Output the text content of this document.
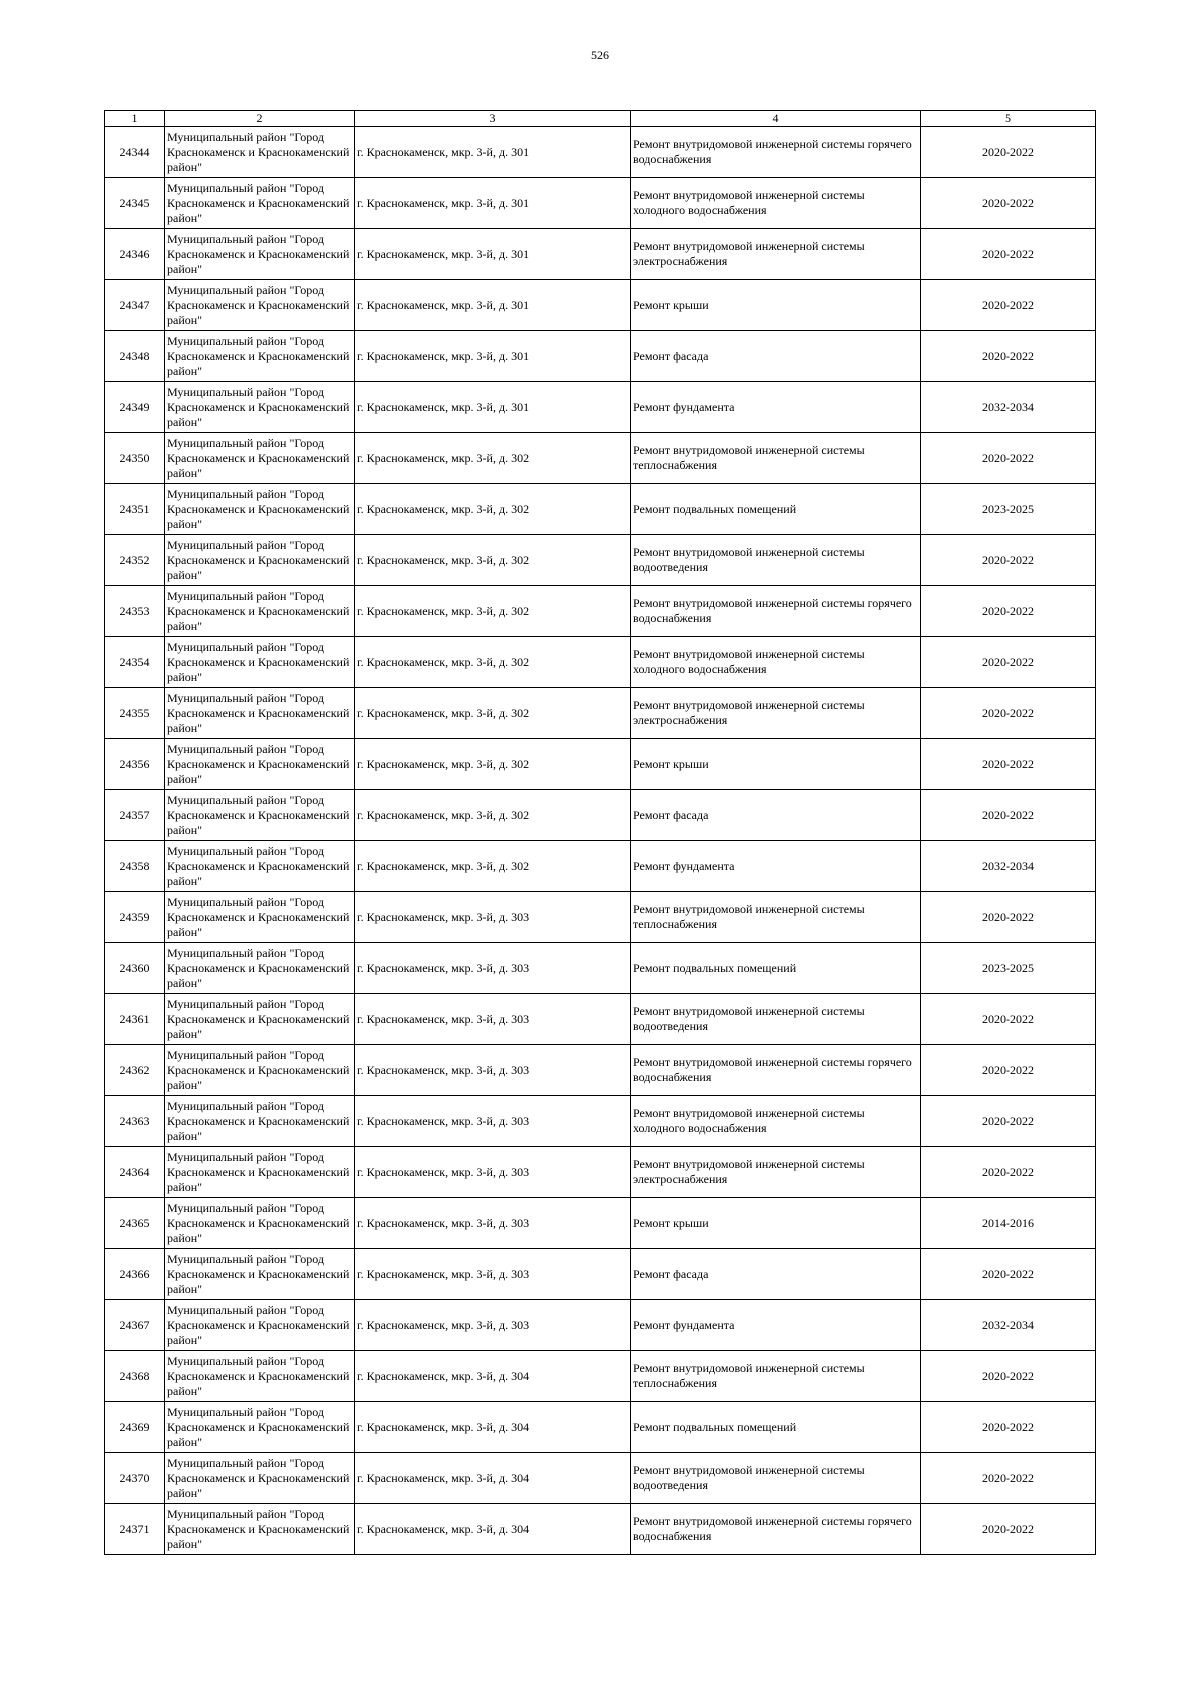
526
1	2	3	4	5
24344	Муниципальный район "Город Краснокаменск и Краснокаменский район"	г. Краснокаменск, мкр. 3-й, д. 301	Ремонт внутридомовой инженерной системы горячего водоснабжения	2020-2022
24345	Муниципальный район "Город Краснокаменск и Краснокаменский район"	г. Краснокаменск, мкр. 3-й, д. 301	Ремонт внутридомовой инженерной системы холодного водоснабжения	2020-2022
24346	Муниципальный район "Город Краснокаменск и Краснокаменский район"	г. Краснокаменск, мкр. 3-й, д. 301	Ремонт внутридомовой инженерной системы электроснабжения	2020-2022
24347	Муниципальный район "Город Краснокаменск и Краснокаменский район"	г. Краснокаменск, мкр. 3-й, д. 301	Ремонт крыши	2020-2022
24348	Муниципальный район "Город Краснокаменск и Краснокаменский район"	г. Краснокаменск, мкр. 3-й, д. 301	Ремонт фасада	2020-2022
24349	Муниципальный район "Город Краснокаменск и Краснокаменский район"	г. Краснокаменск, мкр. 3-й, д. 301	Ремонт фундамента	2032-2034
24350	Муниципальный район "Город Краснокаменск и Краснокаменский район"	г. Краснокаменск, мкр. 3-й, д. 302	Ремонт внутридомовой инженерной системы теплоснабжения	2020-2022
24351	Муниципальный район "Город Краснокаменск и Краснокаменский район"	г. Краснокаменск, мкр. 3-й, д. 302	Ремонт подвальных помещений	2023-2025
24352	Муниципальный район "Город Краснокаменск и Краснокаменский район"	г. Краснокаменск, мкр. 3-й, д. 302	Ремонт внутридомовой инженерной системы водоотведения	2020-2022
24353	Муниципальный район "Город Краснокаменск и Краснокаменский район"	г. Краснокаменск, мкр. 3-й, д. 302	Ремонт внутридомовой инженерной системы горячего водоснабжения	2020-2022
24354	Муниципальный район "Город Краснокаменск и Краснокаменский район"	г. Краснокаменск, мкр. 3-й, д. 302	Ремонт внутридомовой инженерной системы холодного водоснабжения	2020-2022
24355	Муниципальный район "Город Краснокаменск и Краснокаменский район"	г. Краснокаменск, мкр. 3-й, д. 302	Ремонт внутридомовой инженерной системы электроснабжения	2020-2022
24356	Муниципальный район "Город Краснокаменск и Краснокаменский район"	г. Краснокаменск, мкр. 3-й, д. 302	Ремонт крыши	2020-2022
24357	Муниципальный район "Город Краснокаменск и Краснокаменский район"	г. Краснокаменск, мкр. 3-й, д. 302	Ремонт фасада	2020-2022
24358	Муниципальный район "Город Краснокаменск и Краснокаменский район"	г. Краснокаменск, мкр. 3-й, д. 302	Ремонт фундамента	2032-2034
24359	Муниципальный район "Город Краснокаменск и Краснокаменский район"	г. Краснокаменск, мкр. 3-й, д. 303	Ремонт внутридомовой инженерной системы теплоснабжения	2020-2022
24360	Муниципальный район "Город Краснокаменск и Краснокаменский район"	г. Краснокаменск, мкр. 3-й, д. 303	Ремонт подвальных помещений	2023-2025
24361	Муниципальный район "Город Краснокаменск и Краснокаменский район"	г. Краснокаменск, мкр. 3-й, д. 303	Ремонт внутридомовой инженерной системы водоотведения	2020-2022
24362	Муниципальный район "Город Краснокаменск и Краснокаменский район"	г. Краснокаменск, мкр. 3-й, д. 303	Ремонт внутридомовой инженерной системы горячего водоснабжения	2020-2022
24363	Муниципальный район "Город Краснокаменск и Краснокаменский район"	г. Краснокаменск, мкр. 3-й, д. 303	Ремонт внутридомовой инженерной системы холодного водоснабжения	2020-2022
24364	Муниципальный район "Город Краснокаменск и Краснокаменский район"	г. Краснокаменск, мкр. 3-й, д. 303	Ремонт внутридомовой инженерной системы электроснабжения	2020-2022
24365	Муниципальный район "Город Краснокаменск и Краснокаменский район"	г. Краснокаменск, мкр. 3-й, д. 303	Ремонт крыши	2014-2016
24366	Муниципальный район "Город Краснокаменск и Краснокаменский район"	г. Краснокаменск, мкр. 3-й, д. 303	Ремонт фасада	2020-2022
24367	Муниципальный район "Город Краснокаменск и Краснокаменский район"	г. Краснокаменск, мкр. 3-й, д. 303	Ремонт фундамента	2032-2034
24368	Муниципальный район "Город Краснокаменск и Краснокаменский район"	г. Краснокаменск, мкр. 3-й, д. 304	Ремонт внутридомовой инженерной системы теплоснабжения	2020-2022
24369	Муниципальный район "Город Краснокаменск и Краснокаменский район"	г. Краснокаменск, мкр. 3-й, д. 304	Ремонт подвальных помещений	2020-2022
24370	Муниципальный район "Город Краснокаменск и Краснокаменский район"	г. Краснокаменск, мкр. 3-й, д. 304	Ремонт внутридомовой инженерной системы водоотведения	2020-2022
24371	Муниципальный район "Город Краснокаменск и Краснокаменский район"	г. Краснокаменск, мкр. 3-й, д. 304	Ремонт внутридомовой инженерной системы горячего водоснабжения	2020-2022
